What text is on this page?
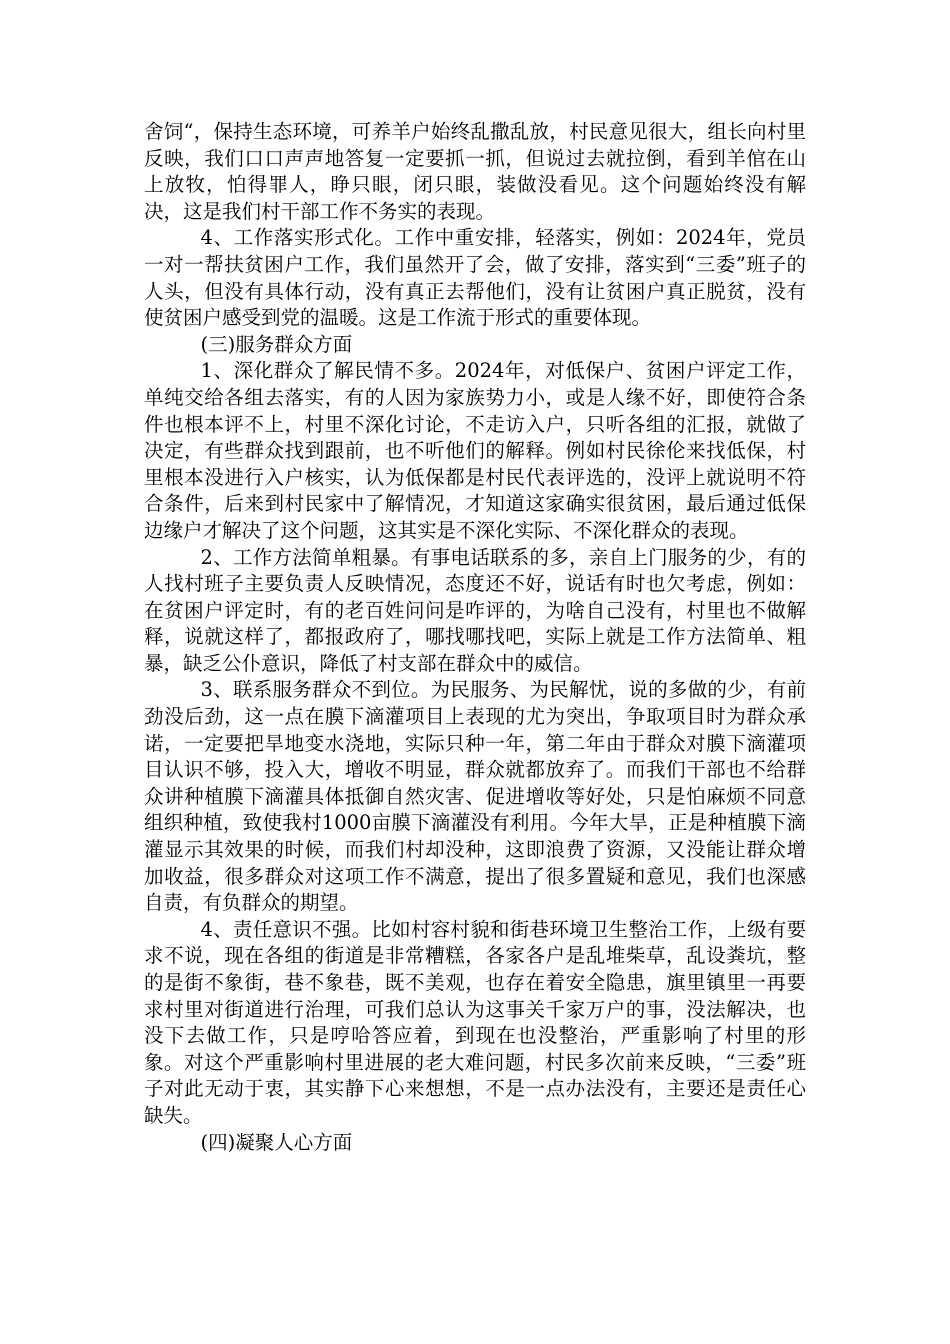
舍饲“，保持生态环境，可养羊户始终乱撒乱放，村民意见很大，组长向村里反映，我们口口声声地答复一定要抓一抓，但说过去就拉倒，看到羊倌在山上放牧，怕得罪人，睁只眼，闭只眼，装做没看见。这个问题始终没有解决，这是我们村干部工作不务实的表现。

4、工作落实形式化。工作中重安排，轻落实，例如：2024年，党员一对一帮扶贫困户工作，我们虽然开了会，做了安排，落实到“三委”班子的人头，但没有具体行动，没有真正去帮他们，没有让贫困户真正脱贫，没有使贫困户感受到党的温暖。这是工作流于形式的重要体现。

(三)服务群众方面

1、深化群众了解民情不多。2024年，对低保户、贫困户评定工作，单纯交给各组去落实，有的人因为家族势力小，或是人缘不好，即使符合条件也根本评不上，村里不深化讨论，不走访入户，只听各组的汇报，就做了决定，有些群众找到跟前，也不听他们的解释。例如村民徐伦来找低保，村里根本没进行入户核实，认为低保都是村民代表评选的，没评上就说明不符合条件，后来到村民家中了解情况，才知道这家确实很贫困，最后通过低保边缘户才解决了这个问题，这其实是不深化实际、不深化群众的表现。

2、工作方法简单粗暴。有事电话联系的多，亲自上门服务的少，有的人找村班子主要负责人反映情况，态度还不好，说话有时也欠考虑，例如：在贫困户评定时，有的老百姓问问是咋评的，为啥自己没有，村里也不做解释，说就这样了，都报政府了，哪找哪找吧，实际上就是工作方法简单、粗暴，缺乏公仆意识，降低了村支部在群众中的威信。

3、联系服务群众不到位。为民服务、为民解忧，说的多做的少，有前劲没后劲，这一点在膜下滴灌项目上表现的尤为突出，争取项目时为群众承诺，一定要把旱地变水浇地，实际只种一年，第二年由于群众对膜下滴灌项目认识不够，投入大，增收不明显，群众就都放弃了。而我们干部也不给群众讲种植膜下滴灌具体抵御自然灾害、促进增收等好处，只是怕麻烦不同意组织种植，致使我村1000亩膜下滴灌没有利用。今年大旱，正是种植膜下滴灌显示其效果的时候，而我们村却没种，这即浪费了资源，又没能让群众增加收益，很多群众对这项工作不满意，提出了很多置疑和意见，我们也深感自责，有负群众的期望。

4、责任意识不强。比如村容村貌和街巷环境卫生整治工作，上级有要求不说，现在各组的街道是非常糟糕，各家各户是乱堆柴草，乱设粪坑，整的是街不象街，巷不象巷，既不美观，也存在着安全隐患，旗里镇里一再要求村里对街道进行治理，可我们总认为这事关千家万户的事，没法解决，也没下去做工作，只是哼哈答应着，到现在也没整治，严重影响了村里的形象。对这个严重影响村里进展的老大难问题，村民多次前来反映，“三委”班子对此无动于衷，其实静下心来想想，不是一点办法没有，主要还是责任心缺失。

(四)凝聚人心方面
